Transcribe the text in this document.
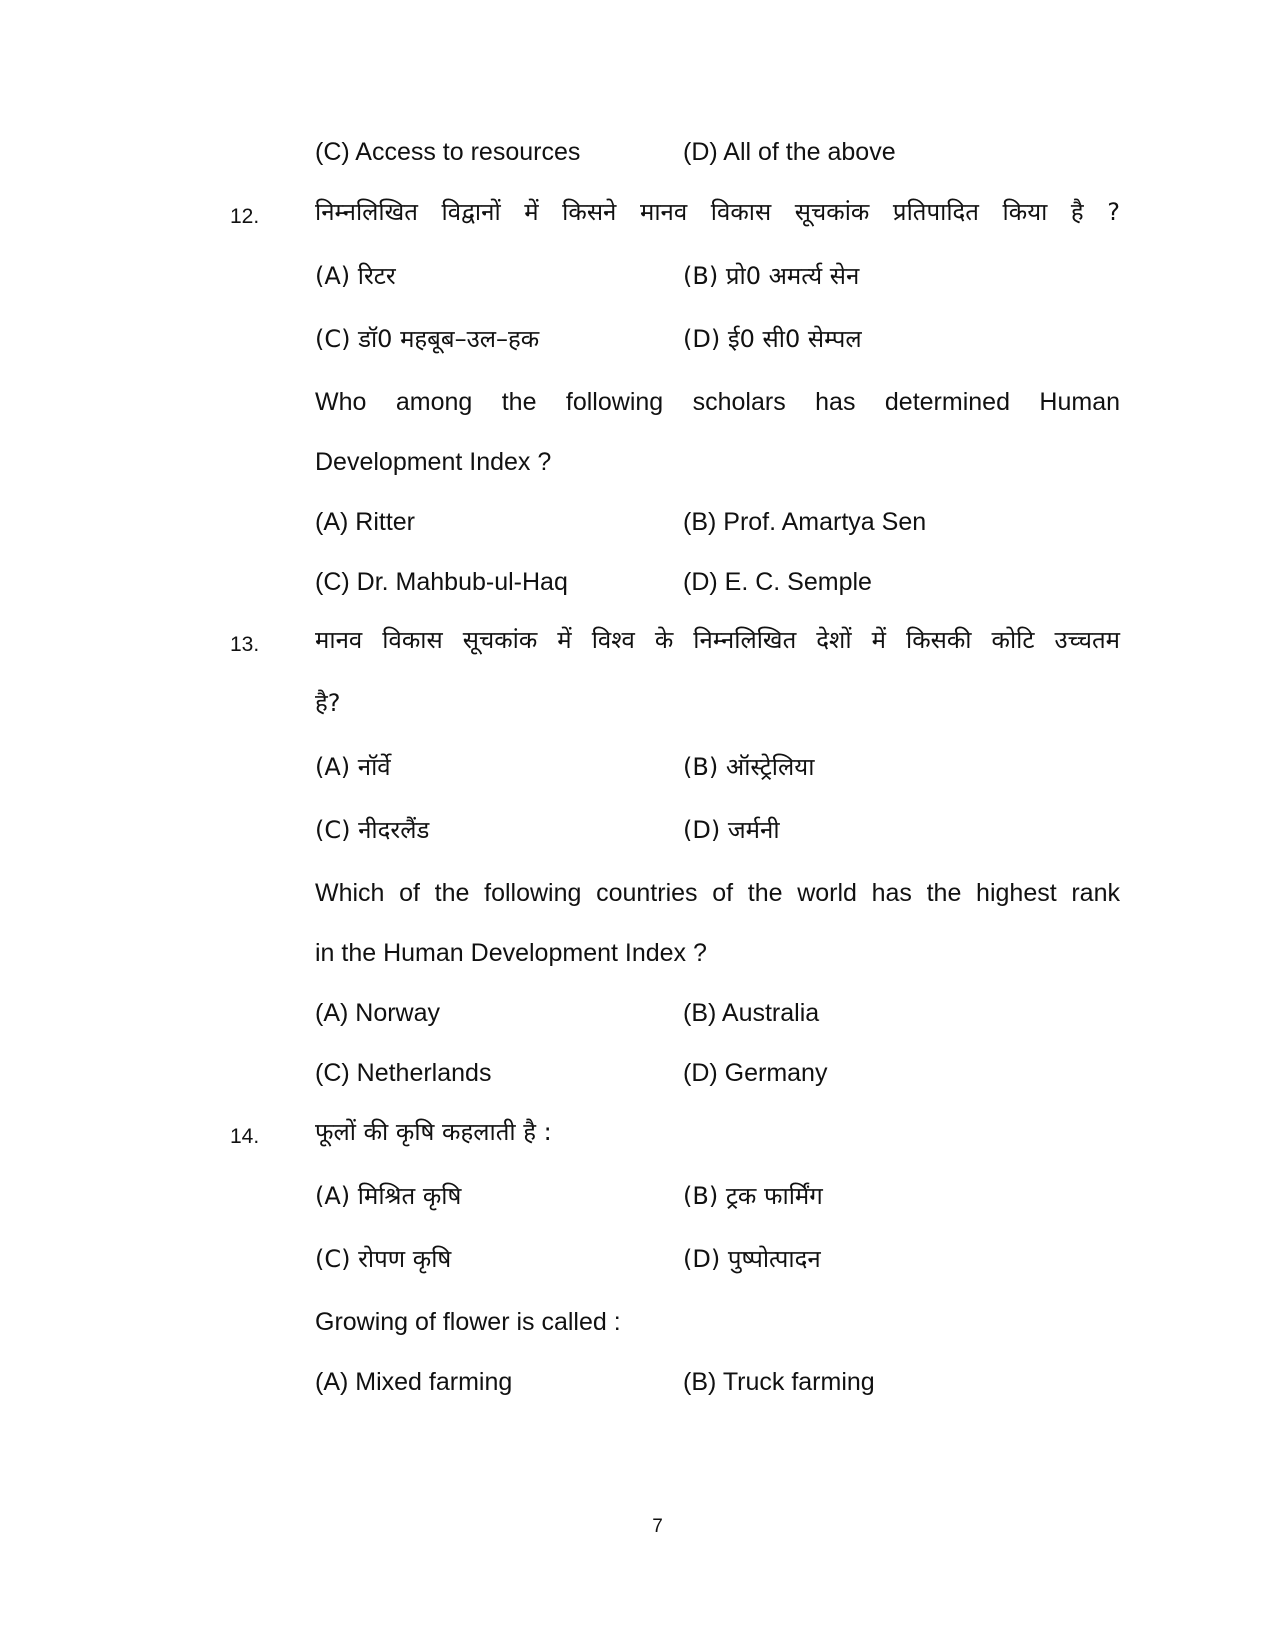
(C) Access to resources	(D) All of the above
12. निम्नलिखित विद्वानों में किसने मानव विकास सूचकांक प्रतिपादित किया है ?
(A) रिटर	(B) प्रो0 अमर्त्य सेन
(C) डॉ0 महबूब–उल–हक	(D) ई0 सी0 सेम्पल
Who among the following scholars has determined Human
Development Index ?
(A) Ritter	(B) Prof. Amartya Sen
(C) Dr. Mahbub-ul-Haq	(D) E. C. Semple
13. मानव विकास सूचकांक में विश्व के निम्नलिखित देशों में किसकी कोटि उच्चतम
है?
(A) नॉर्वे	(B) ऑस्ट्रेलिया
(C) नीदरलैंड	(D) जर्मनी
Which of the following countries of the world has the highest rank
in the Human Development Index ?
(A) Norway	(B) Australia
(C) Netherlands	(D) Germany
14. फूलों की कृषि कहलाती है :
(A) मिश्रित कृषि	(B) ट्रक फार्मिंग
(C) रोपण कृषि	(D) पुष्पोत्पादन
Growing of flower is called :
(A) Mixed farming	(B) Truck farming
7
